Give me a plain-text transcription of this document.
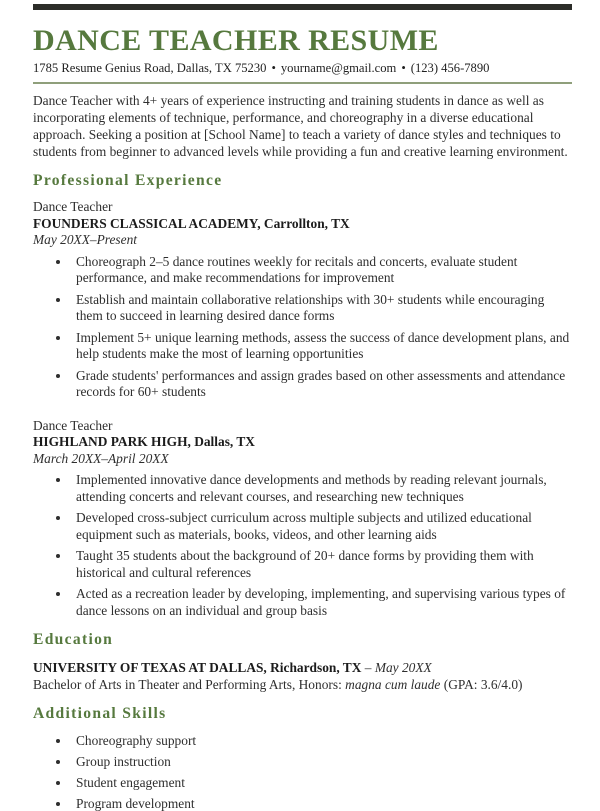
DANCE TEACHER RESUME

1785 Resume Genius Road, Dallas, TX 75230 • yourname@gmail.com • (123) 456-7890

Dance Teacher with 4+ years of experience instructing and training students in dance as well as incorporating elements of technique, performance, and choreography in a diverse educational approach. Seeking a position at [School Name] to teach a variety of dance styles and techniques to students from beginner to advanced levels while providing a fun and creative learning environment.

Professional Experience
Dance Teacher
FOUNDERS CLASSICAL ACADEMY, Carrollton, TX
May 20XX–Present
• Choreograph 2–5 dance routines weekly for recitals and concerts, evaluate student performance, and make recommendations for improvement
• Establish and maintain collaborative relationships with 30+ students while encouraging them to succeed in learning desired dance forms
• Implement 5+ unique learning methods, assess the success of dance development plans, and help students make the most of learning opportunities
• Grade students' performances and assign grades based on other assessments and attendance records for 60+ students
Dance Teacher
HIGHLAND PARK HIGH, Dallas, TX
March 20XX–April 20XX
• Implemented innovative dance developments and methods by reading relevant journals, attending concerts and relevant courses, and researching new techniques
• Developed cross-subject curriculum across multiple subjects and utilized educational equipment such as materials, books, videos, and other learning aids
• Taught 35 students about the background of 20+ dance forms by providing them with historical and cultural references
• Acted as a recreation leader by developing, implementing, and supervising various types of dance lessons on an individual and group basis
Education

UNIVERSITY OF TEXAS AT DALLAS, Richardson, TX – May 20XX

Bachelor of Arts in Theater and Performing Arts, Honors: magna cum laude (GPA: 3.6/4.0)

Additional Skills
• Choreography support
• Group instruction
• Student engagement
• Program development
